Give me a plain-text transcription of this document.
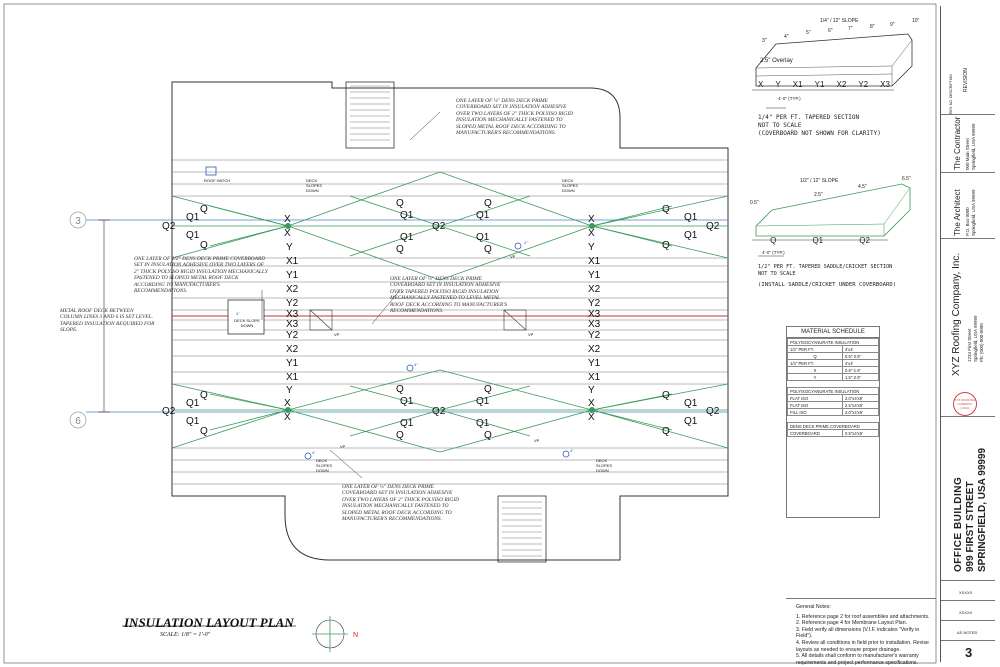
3
6
N
Q
Q1
Q2
Q1
Q
X
X
Q
Q1
Q2
Q1
Q
Q
Q1
Q1
Q
X
X
Q
Q1
Q2
Q1
Q
Y
X1
Y1
X2
Y2
X3
X3
Y2
X2
Y1
X1
Y
Y
X1
Y1
X2
Y2
X3
X3
Y2
X2
Y1
X1
Y
Q
Q1
Q2
Q1
Q
X
X
Q
Q1
Q2
Q1
Q
Q
Q1
Q1
Q
X
X
Q
Q1
Q2
Q1
Q
ROOF HATCH	DECK SLOPES DOWN
DECK SLOPES DOWN
DECK SLOPES DOWN
DECK SLOPES DOWN
DECK SLOPE DOWN
4"
4"
4"
4"	4"
VP	VP
VP
VP
VP
ONE LAYER OF ¼" DENS DECK PRIME COVERBOARD SET IN INSULATION ADHESIVE OVER TWO LAYERS OF 2" THICK POLYISO RIGID INSULATION MECHANICALLY FASTENED TO SLOPED METAL ROOF DECK ACCORDING TO MANUFACTURER'S RECOMMENDATIONS.
ONE LAYER OF 1/2" DENS DECK PRIME COVERBOARD SET IN INSULATION ADHESIVE OVER TWO LAYERS OF 2" THICK POLYISO RIGID INSULATION MECHANICALLY FASTENED TO SLOPED METAL ROOF DECK ACCORDING TO MANUFACTURER'S RECOMMENDATIONS.
ONE LAYER OF ¼" DENS DECK PRIME COVERBOARD SET IN INSULATION ADHESIVE OVER TAPERED POLYISO RIGID INSULATION MECHANICALLY FASTENED TO LEVEL METAL ROOF DECK ACCORDING TO MANUFACTURER'S RECOMMENDATIONS.
METAL ROOF DECK BETWEEN COLUMN LINES 3 AND 6 IS SET LEVEL. TAPERED INSULATION REQUIRED FOR SLOPE.
ONE LAYER OF ¼" DENS DECK PRIME COVERBOARD SET IN INSULATION ADHESIVE OVER TWO LAYERS OF 2" THICK POLYISO RIGID INSULATION MECHANICALLY FASTENED TO SLOPED METAL ROOF DECK ACCORDING TO MANUFACTURER'S RECOMMENDATIONS.
INSULATION LAYOUT PLAN
SCALE: 1/8" = 1'-0"
1/4" / 12" SLOPE
3"
4"
5"	6"	7"	8"	9"
10"
2.5" Overlay
X Y X1 Y1 X2 Y2 X3
4'-0" (TYP.)
1/4" PER FT. TAPERED SECTION
NOT TO SCALE
(COVERBOARD NOT SHOWN FOR CLARITY)
1/2" / 12" SLOPE
0.5"
2.5"
4.5"
6.5"
Q	Q1	Q2
4'-0" (TYP.)
1/2" PER FT. TAPERED SADDLE/CRICKET SECTION
NOT TO SCALE
(INSTALL SADDLE/CRICKET UNDER COVERBOARD)
MATERIAL SCHEDULE
POLYISOCYANURATE INSULATION	
1/2" PER FT.	4'x4'
Q	0.5"-2.5"
1/4" PER FT.	4'x4'
X	0.5"-1.5"
Y	1.5"-2.5"

POLYISOCYANURATE INSULATION	
FLAT ISO	2.0"x4'x8'
FLAT ISO	2.5"x4'x8'
FILL ISO	2.0"x4'x8'

DENS DECK PRIME COVERBOARD	
COVERBOARD	0.5"x4'x8'
General Notes:
1. Reference page 2 for roof assemblies and attachments.
2. Reference page 4 for Membrane Layout Plan.
3. Field verify all dimensions (V.I.F. indicates "Verify in Field").
4. Review all conditions in field prior to installation. Revise layouts as needed to ensure proper drainage.
5. All details shall conform to manufacturer's warranty requirements and project performance specifications.
REVISION
REV. NO. DESCRIPTION
The Contractor 000 Main Street Springfield, USA 99999
The Architect P.O. Box 0000 Springfield, USA 99999
XYZ Roofing Company, Inc. 1234 First Street Springfield, USA 99999 Ph: (000) 000-0000
XYZ ROOFING COMPANY LOGO
OFFICE BUILDING 999 FIRST STREET SPRINGFIELD, USA 99999
XXXXX
XXXXX
AS NOTED
3
